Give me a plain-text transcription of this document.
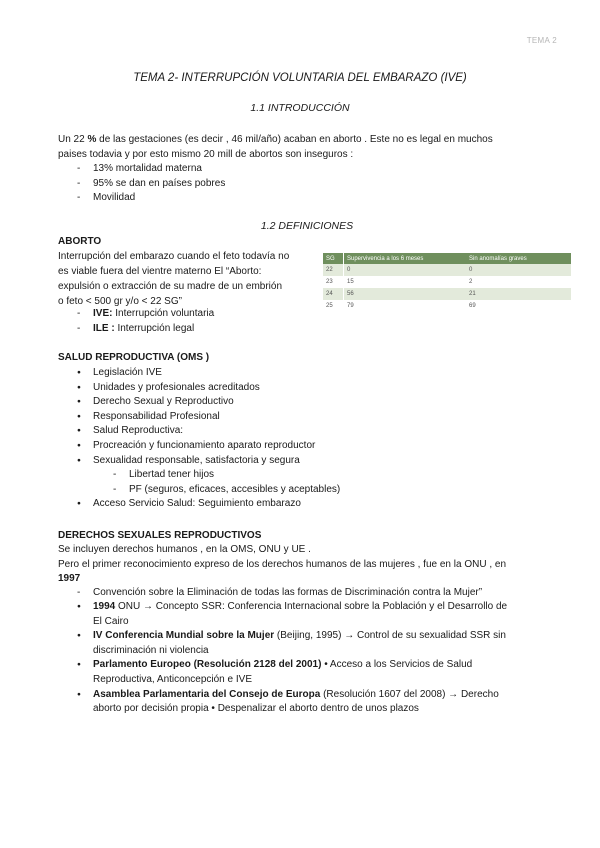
TEMA 2
TEMA 2- INTERRUPCIÓN VOLUNTARIA DEL EMBARAZO (IVE)
1.1 INTRODUCCIÓN
Un 22 % de las gestaciones (es decir , 46 mil/año) acaban en aborto . Este no es legal en muchos
paises todavia y por esto mismo 20 mill de abortos son inseguros :
- 13% mortalidad materna
- 95% se dan en países pobres
- Movilidad
1.2 DEFINICIONES
ABORTO
Interrupción del embarazo cuando el feto todavía no
es viable fuera del vientre materno El “Aborto:
expulsión o extracción de su madre de un embrión
o feto < 500 gr y/o < 22 SG”
- IVE: Interrupción voluntaria
- ILE : Interrupción legal
SG	Supervivencia a los 6 meses	Sin anomalías graves
22	0	0
23	15	2
24	56	21
25	79	69
SALUD REPRODUCTIVA (OMS )
● Legislación IVE
● Unidades y profesionales acreditados
● Derecho Sexual y Reproductivo
● Responsabilidad Profesional
● Salud Reproductiva:
● Procreación y funcionamiento aparato reproductor
● Sexualidad responsable, satisfactoria y segura
- Libertad tener hijos
- PF (seguros, eficaces, accesibles y aceptables)
● Acceso Servicio Salud: Seguimiento embarazo
DERECHOS SEXUALES REPRODUCTIVOS
Se incluyen derechos humanos , en la OMS, ONU y UE .
Pero el primer reconocimiento expreso de los derechos humanos de las mujeres , fue en la ONU , en
1997
- Convención sobre la Eliminación de todas las formas de Discriminación contra la Mujer”
● 1994 ONU → Concepto SSR: Conferencia Internacional sobre la Población y el Desarrollo de
El Cairo
● IV Conferencia Mundial sobre la Mujer (Beijing, 1995) → Control de su sexualidad SSR sin
discriminación ni violencia
● Parlamento Europeo (Resolución 2128 del 2001) • Acceso a los Servicios de Salud
Reproductiva, Anticoncepción e IVE
● Asamblea Parlamentaria del Consejo de Europa (Resolución 1607 del 2008) → Derecho
aborto por decisión propia • Despenalizar el aborto dentro de unos plazos
